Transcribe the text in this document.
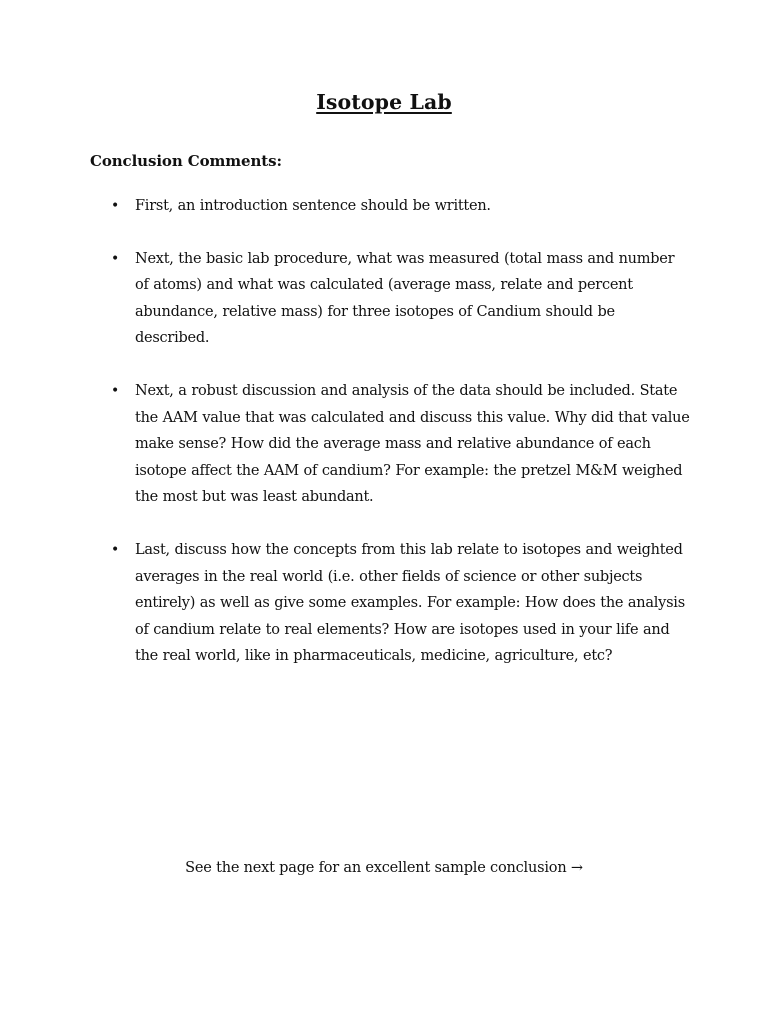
Isotope Lab
Conclusion Comments:
• First, an introduction sentence should be written.
• Next, the basic lab procedure, what was measured (total mass and number of atoms) and what was calculated (average mass, relate and percent abundance, relative mass) for three isotopes of Candium should be described.
• Next, a robust discussion and analysis of the data should be included. State the AAM value that was calculated and discuss this value. Why did that value make sense? How did the average mass and relative abundance of each isotope affect the AAM of candium? For example: the pretzel M&M weighed the most but was least abundant.
• Last, discuss how the concepts from this lab relate to isotopes and weighted averages in the real world (i.e. other fields of science or other subjects entirely) as well as give some examples. For example: How does the analysis of candium relate to real elements? How are isotopes used in your life and the real world, like in pharmaceuticals, medicine, agriculture, etc?
See the next page for an excellent sample conclusion →
